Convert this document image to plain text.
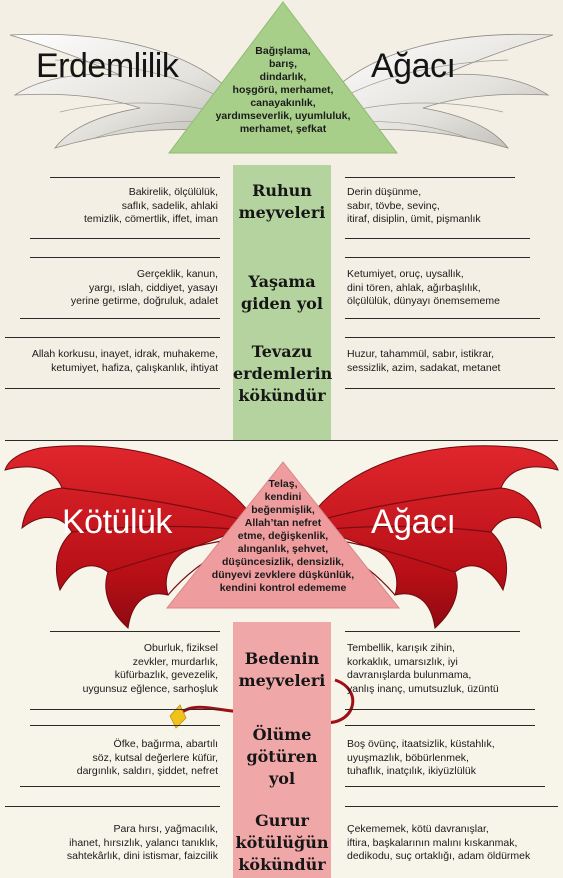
Erdemlilik	Ağacı
Kötülük	Ağacı
Bağışlama,
barış,
dindarlık,
hoşgörü, merhamet,
canayakınlık,
yardımseverlik, uyumluluk,
merhamet, şefkat
Telaş,
kendini
beğenmişlik,
Allah’tan nefret
etme, değişkenlik,
alınganlık, şehvet,
düşüncesizlik, densizlik,
dünyevi zevklere düşkünlük,
kendini kontrol edememe
Ruhun
meyveleri
Yaşama
giden yol
Tevazu
erdemlerin
kökündür
Bedenin
meyveleri
Ölüme
götüren
yol
Gurur
kötülüğün
kökündür
Bakirelik, ölçülülük,
saflık, sadelik, ahlaki
temizlik, cömertlik, iffet, iman
Derin düşünme,
sabır, tövbe, sevinç,
itiraf, disiplin, ümit, pişmanlık
Gerçeklik, kanun,
yargı, ıslah, ciddiyet, yasayı
yerine getirme, doğruluk, adalet
Ketumiyet, oruç, uysallık,
dini tören, ahlak, ağırbaşlılık,
ölçülülük, dünyayı önemsememe
Allah korkusu, inayet, idrak, muhakeme,
ketumiyet, hafiza, çalışkanlık, ihtiyat
Huzur, tahammül, sabır, istikrar,
sessizlik, azim, sadakat, metanet
Oburluk, fiziksel
zevkler, murdarlık,
küfürbazlık, gevezelik,
uygunsuz eğlence, sarhoşluk
Tembellik, karışık zihin,
korkaklık, umarsızlık, iyi
davranışlarda bulunmama,
yanlış inanç, umutsuzluk, üzüntü
Öfke, bağırma, abartılı
söz, kutsal değerlere küfür,
dargınlık, saldırı, şiddet, nefret
Boş övünç, itaatsizlik, küstahlık,
uyuşmazlık, böbürlenmek,
tuhaflık, inatçılık, ikiyüzlülük
Para hırsı, yağmacılık,
ihanet, hırsızlık, yalancı tanıklık,
sahtekârlık, dini istismar, faizcilik
Çekememek, kötü davranışlar,
iftira, başkalarının malını kıskanmak,
dedikodu, suç ortaklığı, adam öldürmek
